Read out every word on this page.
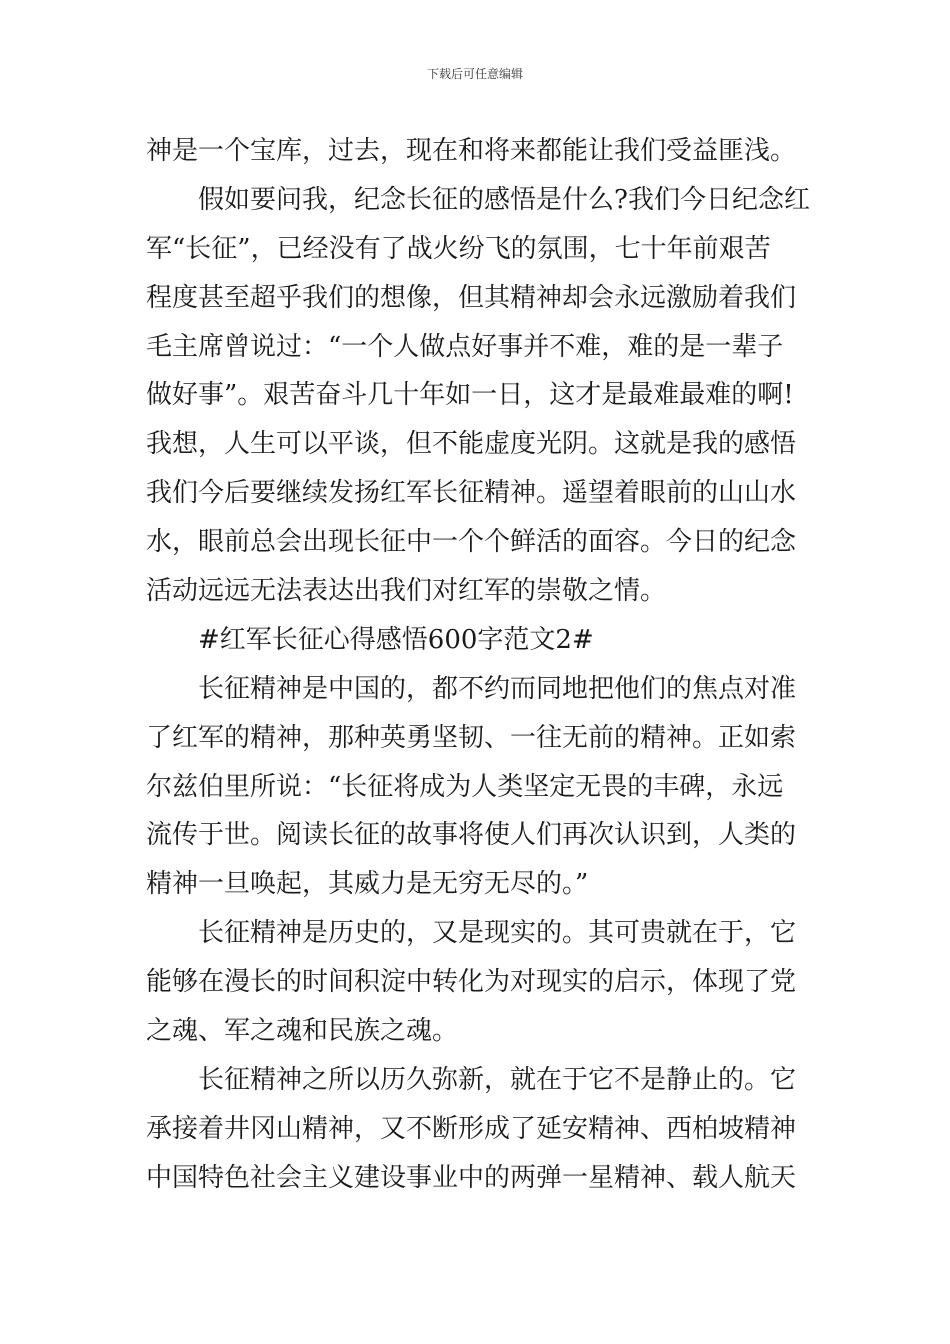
下载后可任意编辑
神是一个宝库，过去，现在和将来都能让我们受益匪浅。
假如要问我，纪念长征的感悟是什么?我们今日纪念红
军“长征”，已经没有了战火纷飞的氛围，七十年前艰苦
程度甚至超乎我们的想像，但其精神却会永远激励着我们
毛主席曾说过：“一个人做点好事并不难，难的是一辈子
做好事”。艰苦奋斗几十年如一日，这才是最难最难的啊!
我想，人生可以平谈，但不能虚度光阴。这就是我的感悟
我们今后要继续发扬红军长征精神。遥望着眼前的山山水
水，眼前总会出现长征中一个个鲜活的面容。今日的纪念
活动远远无法表达出我们对红军的崇敬之情。
#红军长征心得感悟600字范文2#
长征精神是中国的，都不约而同地把他们的焦点对准
了红军的精神，那种英勇坚韧、一往无前的精神。正如索
尔兹伯里所说：“长征将成为人类坚定无畏的丰碑，永远
流传于世。阅读长征的故事将使人们再次认识到，人类的
精神一旦唤起，其威力是无穷无尽的。”
长征精神是历史的，又是现实的。其可贵就在于，它
能够在漫长的时间积淀中转化为对现实的启示，体现了党
之魂、军之魂和民族之魂。
长征精神之所以历久弥新，就在于它不是静止的。它
承接着井冈山精神，又不断形成了延安精神、西柏坡精神
中国特色社会主义建设事业中的两弹一星精神、载人航天
